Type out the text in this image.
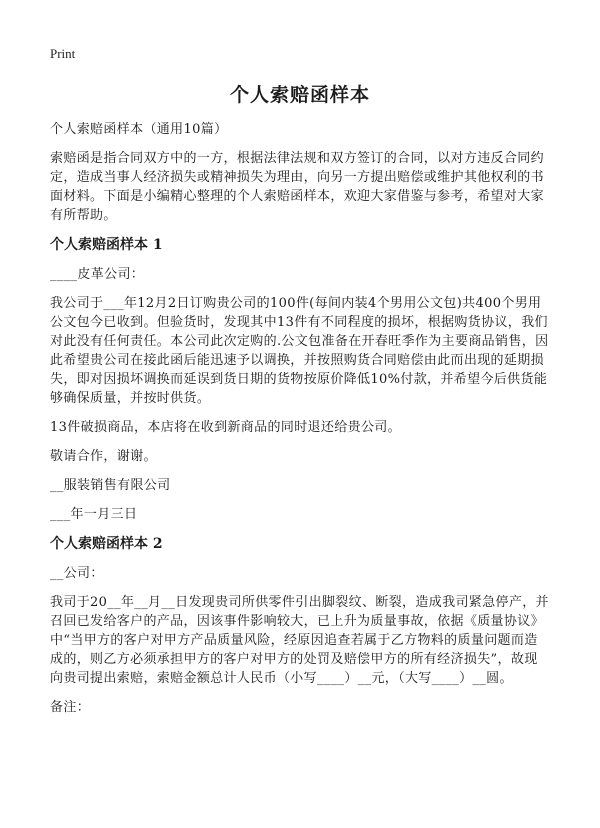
Print
个人索赔函样本

个人索赔函样本（通用10篇）

索赔函是指合同双方中的一方，根据法律法规和双方签订的合同，以对方违反合同约定，造成当事人经济损失或精神损失为理由，向另一方提出赔偿或维护其他权利的书面材料。下面是小编精心整理的个人索赔函样本，欢迎大家借鉴与参考，希望对大家有所帮助。

个人索赔函样本 1

____皮革公司：

我公司于___年12月2日订购贵公司的100件(每间内装4个男用公文包)共400个男用公文包今已收到。但验货时，发现其中13件有不同程度的损坏，根据购货协议，我们对此没有任何责任。本公司此次定购的.公文包准备在开春旺季作为主要商品销售，因此希望贵公司在接此函后能迅速予以调换，并按照购货合同赔偿由此而出现的延期损失，即对因损坏调换而延误到货日期的货物按原价降低10%付款，并希望今后供货能够确保质量，并按时供货。

13件破损商品，本店将在收到新商品的同时退还给贵公司。

敬请合作，谢谢。

__服装销售有限公司

___年一月三日

个人索赔函样本 2

__公司：

我司于20__年__月__日发现贵司所供零件引出脚裂纹、断裂，造成我司紧急停产，并召回已发给客户的产品，因该事件影响较大，已上升为质量事故，依据《质量协议》中“当甲方的客户对甲方产品质量风险，经原因追查若属于乙方物料的质量问题而造成的，则乙方必须承担甲方的客户对甲方的处罚及赔偿甲方的所有经济损失”，故现向贵司提出索赔，索赔金额总计人民币（小写____）__元，（大写____）__圆。

备注：
